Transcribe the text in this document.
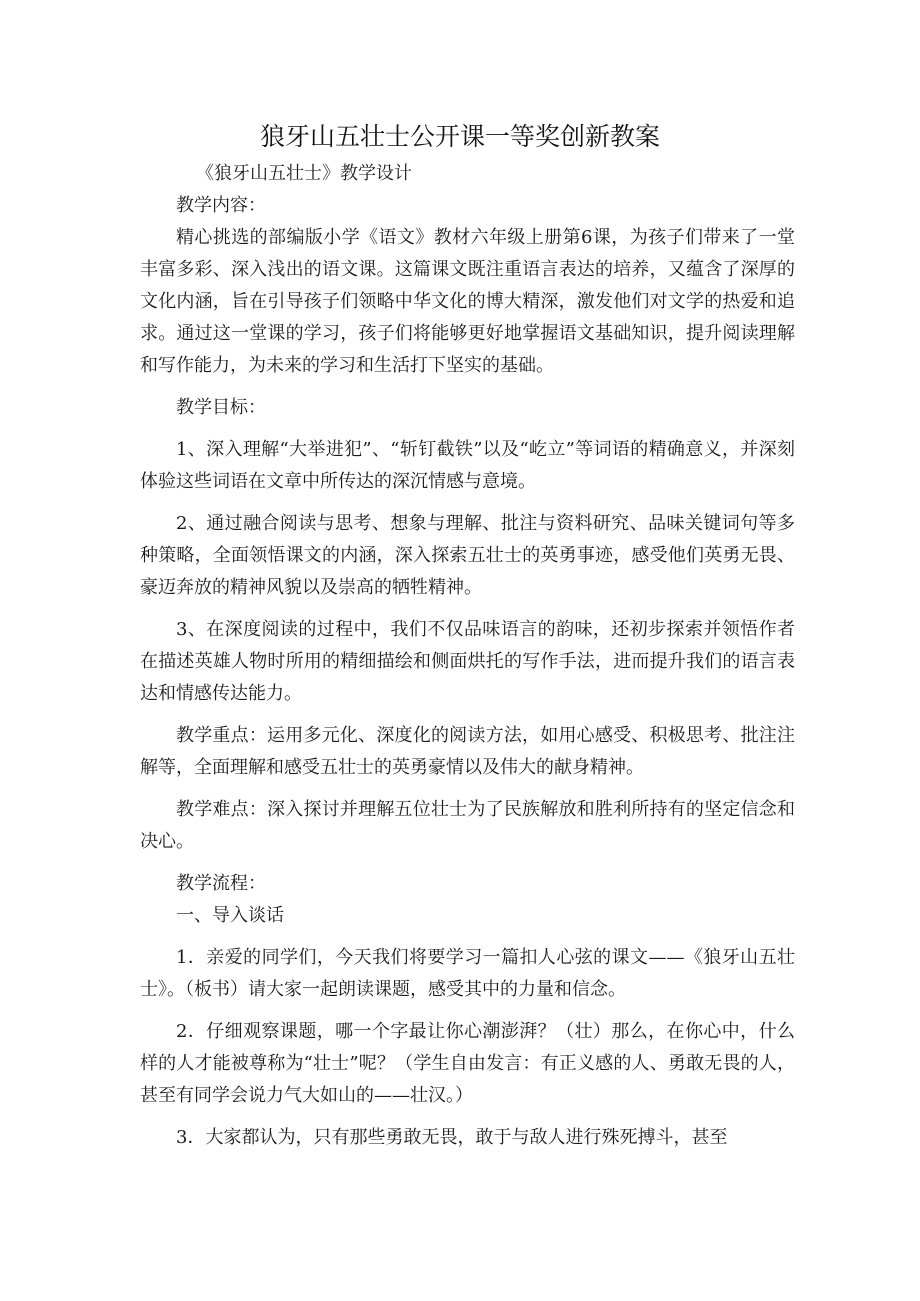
狼牙山五壮士公开课一等奖创新教案

《狼牙山五壮士》教学设计

教学内容：

精心挑选的部编版小学《语文》教材六年级上册第6课，为孩子们带来了一堂丰富多彩、深入浅出的语文课。这篇课文既注重语言表达的培养，又蕴含了深厚的文化内涵，旨在引导孩子们领略中华文化的博大精深，激发他们对文学的热爱和追求。通过这一堂课的学习，孩子们将能够更好地掌握语文基础知识，提升阅读理解和写作能力，为未来的学习和生活打下坚实的基础。

教学目标：

1、深入理解“大举进犯”、“斩钉截铁”以及“屹立”等词语的精确意义，并深刻体验这些词语在文章中所传达的深沉情感与意境。

2、通过融合阅读与思考、想象与理解、批注与资料研究、品味关键词句等多种策略，全面领悟课文的内涵，深入探索五壮士的英勇事迹，感受他们英勇无畏、豪迈奔放的精神风貌以及崇高的牺牲精神。

3、在深度阅读的过程中，我们不仅品味语言的韵味，还初步探索并领悟作者在描述英雄人物时所用的精细描绘和侧面烘托的写作手法，进而提升我们的语言表达和情感传达能力。

教学重点：运用多元化、深度化的阅读方法，如用心感受、积极思考、批注注解等，全面理解和感受五壮士的英勇豪情以及伟大的献身精神。

教学难点：深入探讨并理解五位壮士为了民族解放和胜利所持有的坚定信念和决心。

教学流程：

一、导入谈话

1．亲爱的同学们，今天我们将要学习一篇扣人心弦的课文——《狼牙山五壮士》。（板书）请大家一起朗读课题，感受其中的力量和信念。

2．仔细观察课题，哪一个字最让你心潮澎湃？（壮）那么，在你心中，什么样的人才能被尊称为“壮士”呢？（学生自由发言：有正义感的人、勇敢无畏的人，甚至有同学会说力气大如山的——壮汉。）

3．大家都认为，只有那些勇敢无畏，敢于与敌人进行殊死搏斗，甚至
